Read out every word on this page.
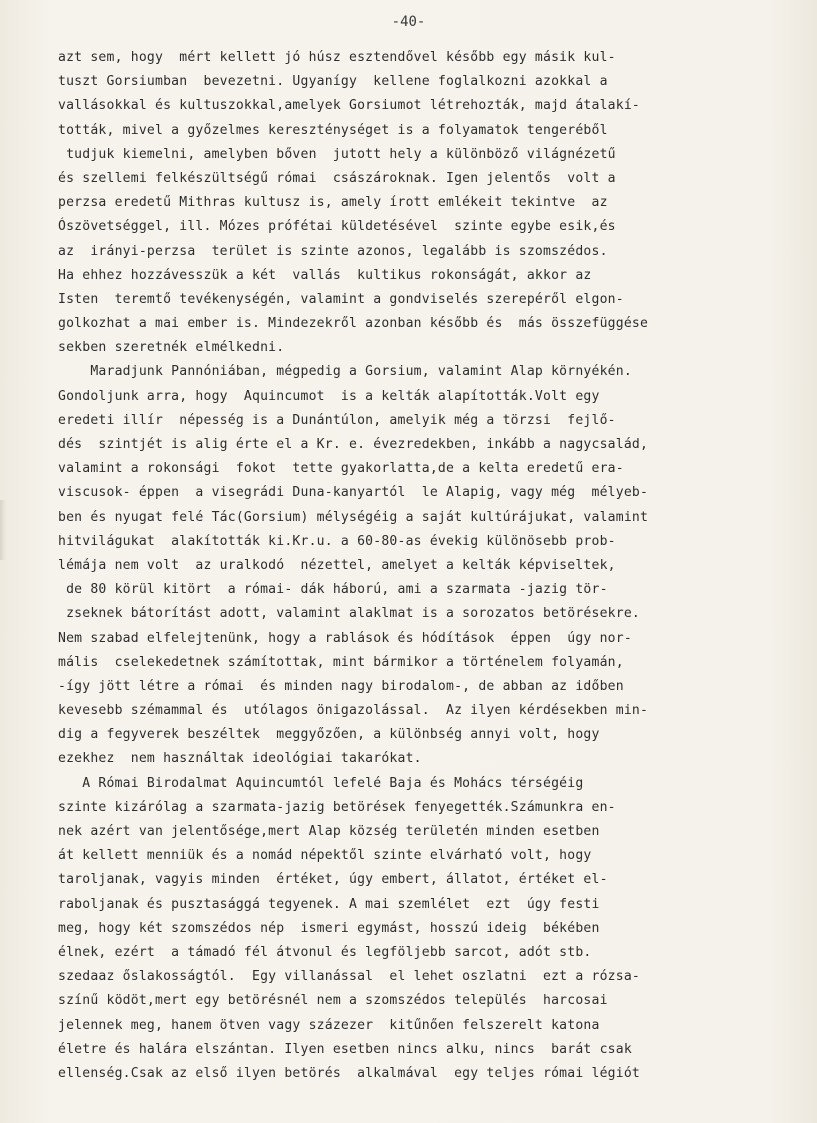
-40-
azt sem, hogy  mért kellett jó húsz esztendővel később egy másik kul-
tuszt Gorsiumban  bevezetni. Ugyanígy  kellene foglalkozni azokkal a
vallásokkal és kultuszokkal,amelyek Gorsiumot létrehozták, majd átalakí-
tották, mivel a győzelmes kereszténységet is a folyamatok tengeréből
tudjuk kiemelni, amelyben bőven  jutott hely a különböző világnézetű
és szellemi felkészültségű római  császároknak. Igen jelentős  volt a
perzsa eredetű Mithras kultusz is, amely írott emlékeit tekintve  az
Ószövetséggel, ill. Mózes prófétai küldetésével  szinte egybe esik,és
az  irányi-perzsa  terület is szinte azonos, legalább is szomszédos.
Ha ehhez hozzávesszük a két  vallás  kultikus rokonságát, akkor az
Isten  teremtő tevékenységén, valamint a gondviselés szerepéről elgon-
golkozhat a mai ember is. Mindezekről azonban később és  más összefüggése
sekben szeretnék elmélkedni.
Maradjunk Pannóniában, mégpedig a Gorsium, valamint Alap környékén.
Gondoljunk arra, hogy  Aquincumot  is a kelták alapították.Volt egy
eredeti illír  népesség is a Dunántúlon, amelyik még a törzsi  fejlő-
dés  szintjét is alig érte el a Kr. e. évezredekben, inkább a nagycsalád,
valamint a rokonsági  fokot  tette gyakorlatta,de a kelta eredetű era-
viscusok- éppen  a visegrádi Duna-kanyartól  le Alapig, vagy még  mélyeb-
ben és nyugat felé Tác(Gorsium) mélységéig a saját kultúrájukat, valamint
hitvilágukat  alakították ki.Kr.u. a 60-80-as évekig különösebb prob-
lémája nem volt  az uralkodó  nézettel, amelyet a kelták képviseltek,
de 80 körül kitört  a római- dák háború, ami a szarmata -jazig tör-
zseknek bátorítást adott, valamint alaklmat is a sorozatos betörésekre.
Nem szabad elfelejtenünk, hogy a rablások és hódítások  éppen  úgy nor-
mális  cselekedetnek számítottak, mint bármikor a történelem folyamán,
-így jött létre a római  és minden nagy birodalom-, de abban az időben
kevesebb szémammal és  utólagos önigazolással.  Az ilyen kérdésekben min-
dig a fegyverek beszéltek  meggyőzően, a különbség annyi volt, hogy
ezekhez  nem használtak ideológiai takarókat.
A Római Birodalmat Aquincumtól lefelé Baja és Mohács térségéig
szinte kizárólag a szarmata-jazig betörések fenyegették.Számunkra en-
nek azért van jelentősége,mert Alap község területén minden esetben
át kellett menniük és a nomád népektől szinte elvárható volt, hogy
taroljanak, vagyis minden  értéket, úgy embert, állatot, értéket el-
raboljanak és pusztasággá tegyenek. A mai szemlélet  ezt  úgy festi
meg, hogy két szomszédos nép  ismeri egymást, hosszú ideig  békében
élnek, ezért  a támadó fél átvonul és legföljebb sarcot, adót stb.
szedaaz őslakosságtól.  Egy villanással  el lehet oszlatni  ezt a rózsa-
színű ködöt,mert egy betörésnél nem a szomszédos település  harcosai
jelennek meg, hanem ötven vagy százezer  kitűnően felszerelt katona
életre és halára elszántan. Ilyen esetben nincs alku, nincs  barát csak
ellenség.Csak az első ilyen betörés  alkalmával  egy teljes római légiót
